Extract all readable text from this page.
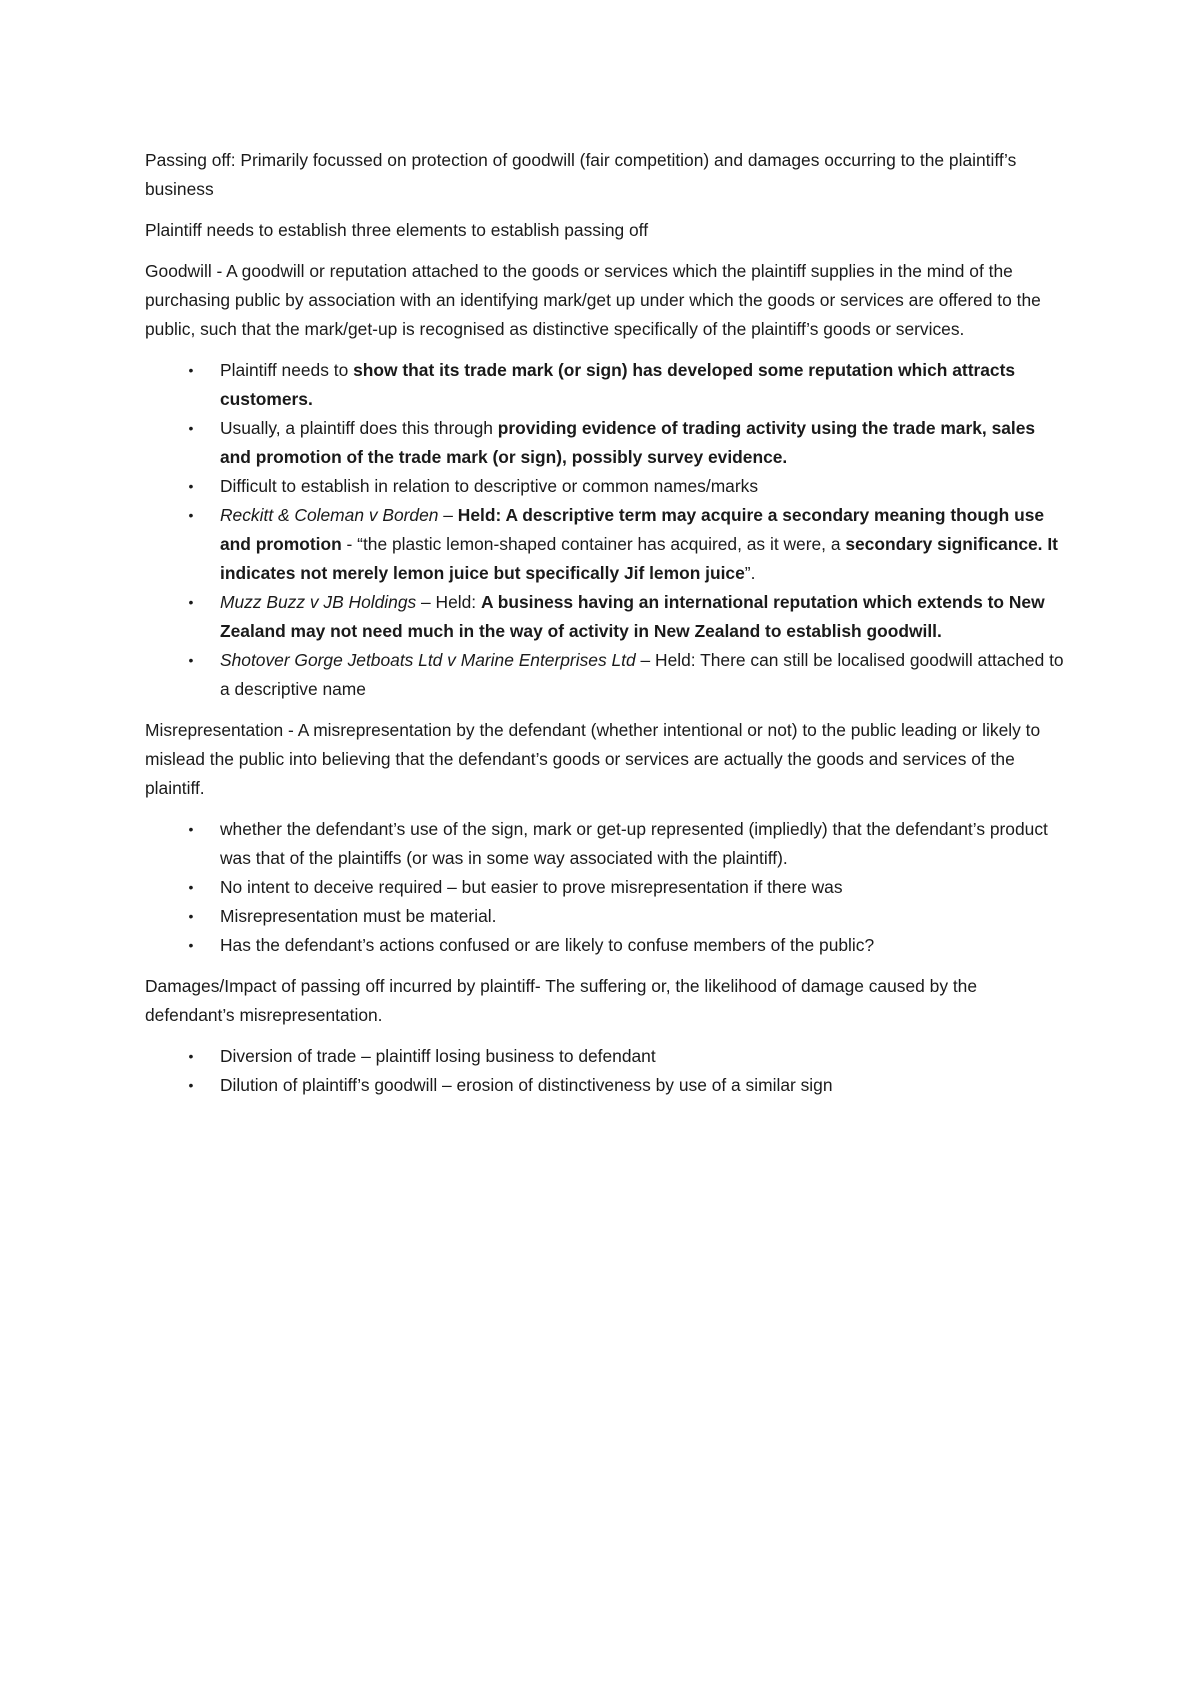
Passing off: Primarily focussed on protection of goodwill (fair competition) and damages occurring to the plaintiff’s business

Plaintiff needs to establish three elements to establish passing off

Goodwill - A goodwill or reputation attached to the goods or services which the plaintiff supplies in the mind of the purchasing public by association with an identifying mark/get up under which the goods or services are offered to the public, such that the mark/get-up is recognised as distinctive specifically of the plaintiff’s goods or services.

• Plaintiff needs to show that its trade mark (or sign) has developed some reputation which attracts customers.
• Usually, a plaintiff does this through providing evidence of trading activity using the trade mark, sales and promotion of the trade mark (or sign), possibly survey evidence.
• Difficult to establish in relation to descriptive or common names/marks
• Reckitt & Coleman v Borden – Held: A descriptive term may acquire a secondary meaning though use and promotion - “the plastic lemon-shaped container has acquired, as it were, a secondary significance. It indicates not merely lemon juice but specifically Jif lemon juice”.
• Muzz Buzz v JB Holdings – Held: A business having an international reputation which extends to New Zealand may not need much in the way of activity in New Zealand to establish goodwill.
• Shotover Gorge Jetboats Ltd v Marine Enterprises Ltd – Held: There can still be localised goodwill attached to a descriptive name

Misrepresentation - A misrepresentation by the defendant (whether intentional or not) to the public leading or likely to mislead the public into believing that the defendant’s goods or services are actually the goods and services of the plaintiff.

• whether the defendant’s use of the sign, mark or get-up represented (impliedly) that the defendant’s product was that of the plaintiffs (or was in some way associated with the plaintiff).
• No intent to deceive required – but easier to prove misrepresentation if there was
• Misrepresentation must be material.
• Has the defendant’s actions confused or are likely to confuse members of the public?

Damages/Impact of passing off incurred by plaintiff- The suffering or, the likelihood of damage caused by the defendant’s misrepresentation.

• Diversion of trade – plaintiff losing business to defendant
• Dilution of plaintiff’s goodwill – erosion of distinctiveness by use of a similar sign
